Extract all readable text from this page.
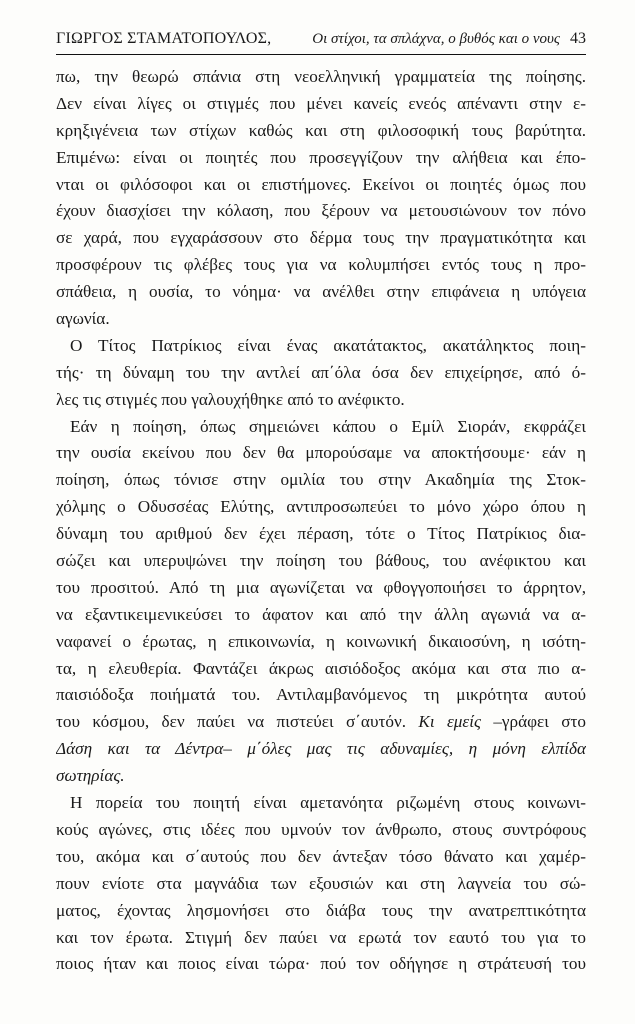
ΓΙΩΡΓΟΣ ΣΤΑΜΑΤΟΠΟΥΛΟΣ,	Οι στίχοι, τα σπλάχνα, ο βυθός και ο νους 43
πω, την θεωρώ σπάνια στη νεοελληνική γραμματεία της ποίησης.
Δεν είναι λίγες οι στιγμές που μένει κανείς ενεός απέναντι στην ε-
κρηξιγένεια των στίχων καθώς και στη φιλοσοφική τους βαρύτητα.
Επιμένω: είναι οι ποιητές που προσεγγίζουν την αλήθεια και έπο-
νται οι φιλόσοφοι και οι επιστήμονες. Εκείνοι οι ποιητές όμως που
έχουν διασχίσει την κόλαση, που ξέρουν να μετουσιώνουν τον πόνο
σε χαρά, που εγχαράσσουν στο δέρμα τους την πραγματικότητα και
προσφέρουν τις φλέβες τους για να κολυμπήσει εντός τους η προ-
σπάθεια, η ουσία, το νόημα· να ανέλθει στην επιφάνεια η υπόγεια
αγωνία.
Ο Τίτος Πατρίκιος είναι ένας ακατάτακτος, ακατάληκτος ποιη-
τής· τη δύναμη του την αντλεί απ΄όλα όσα δεν επιχείρησε, από ό-
λες τις στιγμές που γαλουχήθηκε από το ανέφικτο.
Εάν η ποίηση, όπως σημειώνει κάπου ο Εμίλ Σιοράν, εκφράζει
την ουσία εκείνου που δεν θα μπορούσαμε να αποκτήσουμε· εάν η
ποίηση, όπως τόνισε στην ομιλία του στην Ακαδημία της Στοκ-
χόλμης ο Οδυσσέας Ελύτης, αντιπροσωπεύει το μόνο χώρο όπου η
δύναμη του αριθμού δεν έχει πέραση, τότε ο Τίτος Πατρίκιος δια-
σώζει και υπερυψώνει την ποίηση του βάθους, του ανέφικτου και
του προσιτού. Από τη μια αγωνίζεται να φθογγοποιήσει το άρρητον,
να εξαντικειμενικεύσει το άφατον και από την άλλη αγωνιά να α-
ναφανεί ο έρωτας, η επικοινωνία, η κοινωνική δικαιοσύνη, η ισότη-
τα, η ελευθερία. Φαντάζει άκρως αισιόδοξος ακόμα και στα πιο α-
παισιόδοξα ποιήματά του. Αντιλαμβανόμενος τη μικρότητα αυτού
του κόσμου, δεν παύει να πιστεύει σ΄αυτόν. Κι εμείς –γράφει στο
Δάση και τα Δέντρα– μ΄όλες μας τις αδυναμίες, η μόνη ελπίδα
σωτηρίας.
Η πορεία του ποιητή είναι αμετανόητα ριζωμένη στους κοινωνι-
κούς αγώνες, στις ιδέες που υμνούν τον άνθρωπο, στους συντρόφους
του, ακόμα και σ΄αυτούς που δεν άντεξαν τόσο θάνατο και χαμέρ-
πουν ενίοτε στα μαγνάδια των εξουσιών και στη λαγνεία του σώ-
ματος, έχοντας λησμονήσει στο διάβα τους την ανατρεπτικότητα
και τον έρωτα. Στιγμή δεν παύει να ερωτά τον εαυτό του για το
ποιος ήταν και ποιος είναι τώρα· πού τον οδήγησε η στράτευσή του
